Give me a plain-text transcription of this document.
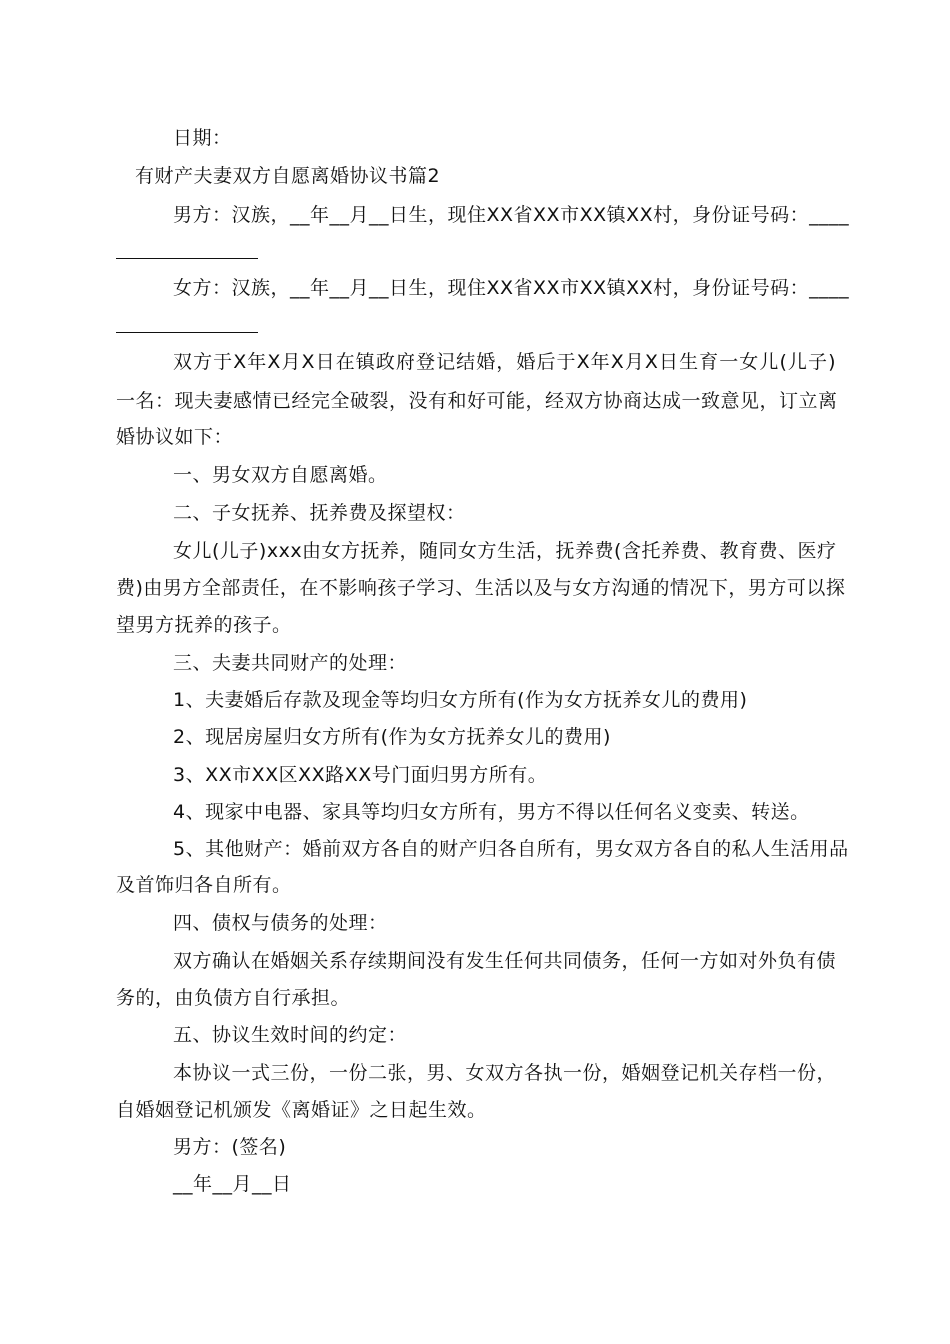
日期：
有财产夫妻双方自愿离婚协议书篇2
男方：汉族，__年__月__日生，现住XX省XX市XX镇XX村，身份证号码：____
女方：汉族，__年__月__日生，现住XX省XX市XX镇XX村，身份证号码：____
双方于X年X月X日在镇政府登记结婚，婚后于X年X月X日生育一女儿(儿子)
一名：现夫妻感情已经完全破裂，没有和好可能，经双方协商达成一致意见，订立离
婚协议如下：
一、男女双方自愿离婚。
二、子女抚养、抚养费及探望权：
女儿(儿子)xxx由女方抚养，随同女方生活，抚养费(含托养费、教育费、医疗
费)由男方全部责任，在不影响孩子学习、生活以及与女方沟通的情况下，男方可以探
望男方抚养的孩子。
三、夫妻共同财产的处理：
1、夫妻婚后存款及现金等均归女方所有(作为女方抚养女儿的费用)
2、现居房屋归女方所有(作为女方抚养女儿的费用)
3、XX市XX区XX路XX号门面归男方所有。
4、现家中电器、家具等均归女方所有，男方不得以任何名义变卖、转送。
5、其他财产：婚前双方各自的财产归各自所有，男女双方各自的私人生活用品
及首饰归各自所有。
四、债权与债务的处理：
双方确认在婚姻关系存续期间没有发生任何共同债务，任何一方如对外负有债
务的，由负债方自行承担。
五、协议生效时间的约定：
本协议一式三份，一份二张，男、女双方各执一份，婚姻登记机关存档一份，
自婚姻登记机颁发《离婚证》之日起生效。
男方：(签名)
__年__月__日
